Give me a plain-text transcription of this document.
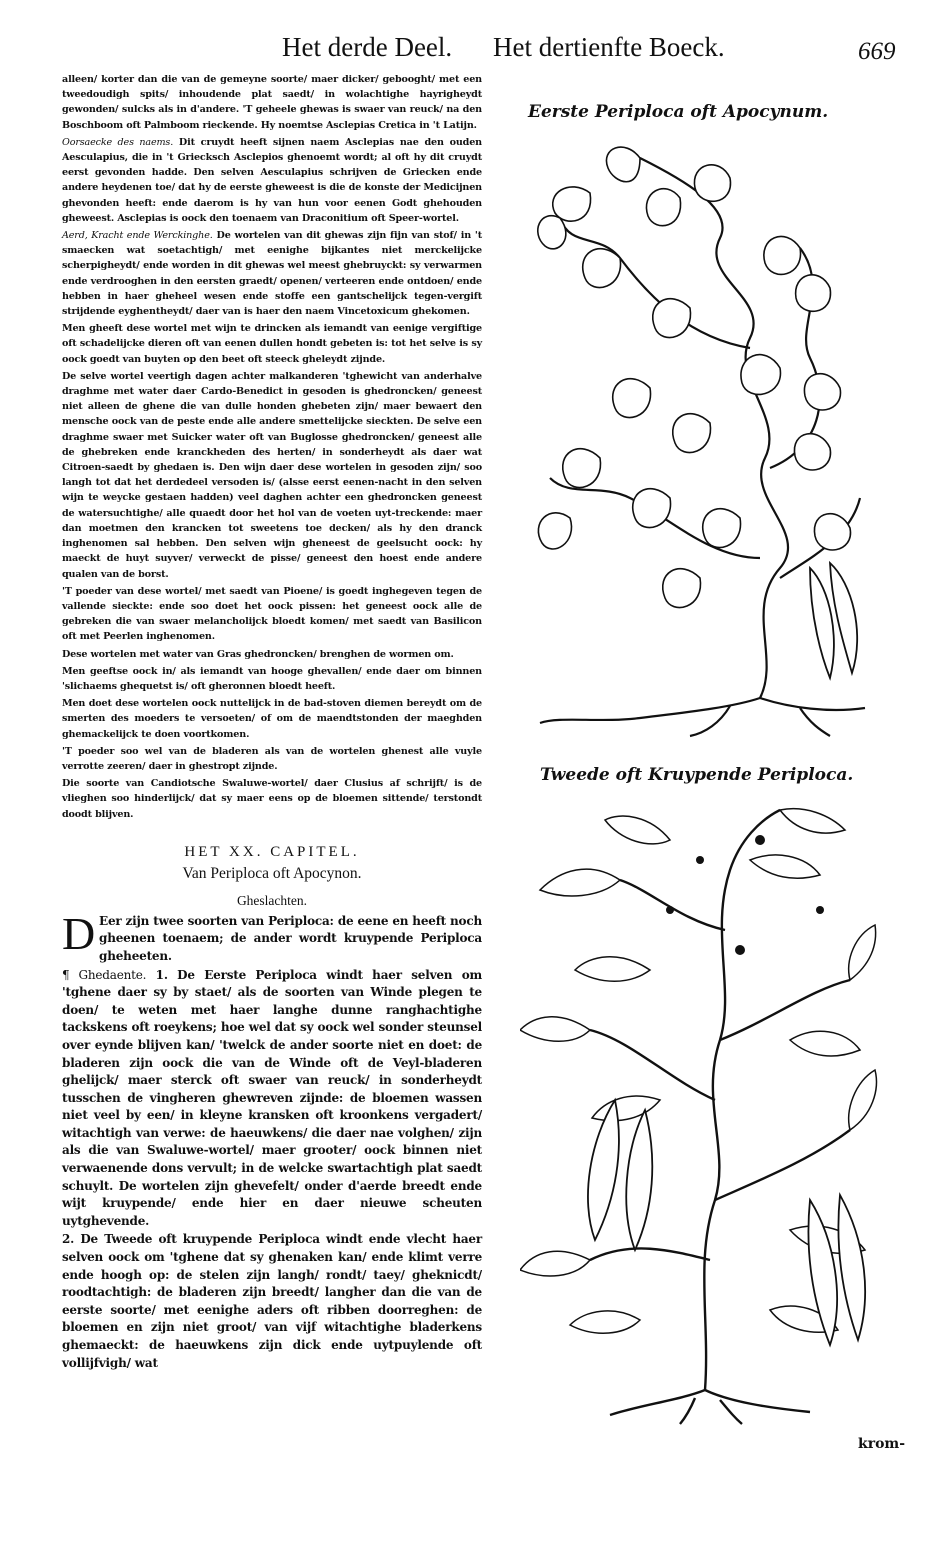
Het derde Deel. Het dertienfte Boeck.	669

alleen/ korter dan die van de gemeyne soorte/ maer dicker/ gebooght/ met een tweedoudigh spits/ inhoudende plat saedt/ in wolachtighe hayrigheydt gewonden/ sulcks als in d'andere. 'T geheele ghewas is swaer van reuck/ na den Boschboom oft Palmboom rieckende. Hy noemtse Asclepias Cretica in 't Latijn.

Oorsaecke des naems. Dit cruydt heeft sijnen naem Asclepias nae den ouden Aesculapius, die in 't Griecksch Asclepios ghenoemt wordt; al oft hy dit cruydt eerst gevonden hadde. Den selven Aesculapius schrijven de Griecken ende andere heydenen toe/ dat hy de eerste gheweest is die de konste der Medicijnen ghevonden heeft: ende daerom is hy van hun voor eenen Godt ghehouden gheweest. Asclepias is oock den toenaem van Draconitium oft Speer-wortel.

Aerd, Kracht ende Werckinghe. De wortelen van dit ghewas zijn fijn van stof/ in 't smaecken wat soetachtigh/ met eenighe bijkantes niet merckelijcke scherpigheydt/ ende worden in dit ghewas wel meest ghebruyckt: sy verwarmen ende verdrooghen in den eersten graedt/ openen/ verteeren ende ontdoen/ ende hebben in haer gheheel wesen ende stoffe een gantschelijck tegen-vergift strijdende eyghentheydt/ daer van is haer den naem Vincetoxicum ghekomen.

Men gheeft dese wortel met wijn te drincken als iemandt van eenige vergiftige oft schadelijcke dieren oft van eenen dullen hondt gebeten is: tot het selve is sy oock goedt van buyten op den beet oft steeck gheleydt zijnde.

De selve wortel veertigh dagen achter malkanderen 'tghewicht van anderhalve draghme met water daer Cardo-Benedict in gesoden is ghedroncken/ geneest niet alleen de ghene die van dulle honden ghebeten zijn/ maer bewaert den mensche oock van de peste ende alle andere smettelijcke sieckten. De selve een draghme swaer met Suicker water oft van Buglosse ghedroncken/ geneest alle de ghebreken ende kranckheden des herten/ in sonderheydt als daer wat Citroen-saedt by ghedaen is. Den wijn daer dese wortelen in gesoden zijn/ soo langh tot dat het derdedeel versoden is/ (alsse eerst eenen-nacht in den selven wijn te weycke gestaen hadden) veel daghen achter een ghedroncken geneest de watersuchtighe/ alle quaedt door het hol van de voeten uyt-treckende: maer dan moetmen den krancken tot sweetens toe decken/ als hy den dranck inghenomen sal hebben. Den selven wijn gheneest de geelsucht oock: hy maeckt de huyt suyver/ verweckt de pisse/ geneest den hoest ende andere qualen van de borst.

'T poeder van dese wortel/ met saedt van Pioene/ is goedt inghegeven tegen de vallende sieckte: ende soo doet het oock pissen: het geneest oock alle de gebreken die van swaer melancholijck bloedt komen/ met saedt van Basilicon oft met Peerlen inghenomen.

Dese wortelen met water van Gras ghedroncken/ brenghen de wormen om.

Men geeftse oock in/ als iemandt van hooge ghevallen/ ende daer om binnen 'slichaems ghequetst is/ oft gheronnen bloedt heeft.

Men doet dese wortelen oock nuttelijck in de bad-stoven diemen bereydt om de smerten des moeders te versoeten/ of om de maendtstonden der maeghden ghemackelijck te doen voortkomen.

'T poeder soo wel van de bladeren als van de wortelen ghenest alle vuyle verrotte zeeren/ daer in ghestropt zijnde.

Die soorte van Candiotsche Swaluwe-wortel/ daer Clusius af schrijft/ is de vlieghen soo hinderlijck/ dat sy maer eens op de bloemen sittende/ terstondt doodt blijven.

HET XX. CAPITEL.
Van Periploca oft Apocynon.
Gheslachten.

D Eer zijn twee soorten van Periploca: de eene en heeft noch gheenen toenaem; de ander wordt kruypende Periploca gheheeten.

¶ Ghedaente. 1. De Eerste Periploca windt haer selven om 'tghene daer sy by staet/ als de soorten van Winde plegen te doen/ te weten met haer langhe dunne ranghachtighe tackskens oft roeykens; hoe wel dat sy oock wel sonder steunsel over eynde blijven kan/ 'twelck de ander soorte niet en doet: de bladeren zijn oock die van de Winde oft de Veyl-bladeren ghelijck/ maer sterck oft swaer van reuck/ in sonderheydt tusschen de vingheren ghewreven zijnde: de bloemen wassen niet veel by een/ in kleyne kransken oft kroonkens vergadert/ witachtigh van verwe: de haeuwkens/ die daer nae volghen/ zijn als die van Swaluwe-wortel/ maer grooter/ oock binnen niet verwaenende dons vervult; in de welcke swartachtigh plat saedt schuylt. De wortelen zijn ghevefelt/ onder d'aerde breedt ende wijt kruypende/ ende hier en daer nieuwe scheuten uytghevende.

2. De Tweede oft kruypende Periploca windt ende vlecht haer selven oock om 'tghene dat sy ghenaken kan/ ende klimt verre ende hoogh op: de stelen zijn langh/ rondt/ taey/ gheknicdt/ roodtachtigh: de bladeren zijn breedt/ langher dan die van de eerste soorte/ met eenighe aders oft ribben doorreghen: de bloemen en zijn niet groot/ van vijf witachtighe bladerkens ghemaeckt: de haeuwkens zijn dick ende uytpuylende oft vollijfvigh/ wat

Eerste Periploca oft Apocynum.
Tweede oft Kruypende Periploca.
krom-
